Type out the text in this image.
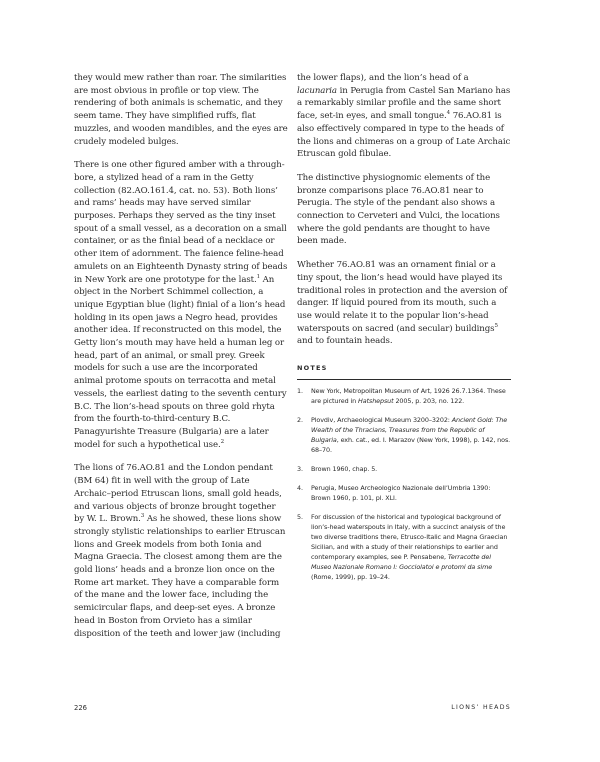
they would mew rather than roar. The similarities are most obvious in profile or top view. The rendering of both animals is schematic, and they seem tame. They have simplified ruffs, flat muzzles, and wooden mandibles, and the eyes are crudely modeled bulges.

There is one other figured amber with a through-bore, a stylized head of a ram in the Getty collection (82.AO.161.4, cat. no. 53). Both lions’ and rams’ heads may have served similar purposes. Perhaps they served as the tiny inset spout of a small vessel, as a decoration on a small container, or as the finial bead of a necklace or other item of adornment. The faience feline-head amulets on an Eighteenth Dynasty string of beads in New York are one prototype for the last.$^1$ An object in the Norbert Schimmel collection, a unique Egyptian blue (light) finial of a lion’s head holding in its open jaws a Negro head, provides another idea. If reconstructed on this model, the Getty lion’s mouth may have held a human leg or head, part of an animal, or small prey. Greek models for such a use are the incorporated animal protome spouts on terracotta and metal vessels, the earliest dating to the seventh century B.C. The lion’s-head spouts on three gold rhyta from the fourth-to-third-century B.C. Panagyurishte Treasure (Bulgaria) are a later model for such a hypothetical use.$^2$

The lions of 76.AO.81 and the London pendant (BM 64) fit in well with the group of Late Archaic–period Etruscan lions, small gold heads, and various objects of bronze brought together by W. L. Brown.$^3$ As he showed, these lions show strongly stylistic relationships to earlier Etruscan lions and Greek models from both Ionia and Magna Graecia. The closest among them are the gold lions’ heads and a bronze lion once on the Rome art market. They have a comparable form of the mane and the lower face, including the semicircular flaps, and deep-set eyes. A bronze head in Boston from Orvieto has a similar disposition of the teeth and lower jaw (including

the lower flaps), and the lion’s head of a lacunaria in Perugia from Castel San Mariano has a remarkably similar profile and the same short face, set-in eyes, and small tongue.$^4$ 76.AO.81 is also effectively compared in type to the heads of the lions and chimeras on a group of Late Archaic Etruscan gold fibulae.

The distinctive physiognomic elements of the bronze comparisons place 76.AO.81 near to Perugia. The style of the pendant also shows a connection to Cerveteri and Vulci, the locations where the gold pendants are thought to have been made.

Whether 76.AO.81 was an ornament finial or a tiny spout, the lion’s head would have played its traditional roles in protection and the aversion of danger. If liquid poured from its mouth, such a use would relate it to the popular lion’s-head waterspouts on sacred (and secular) buildings$^5$ and to fountain heads.

NOTES
1. New York, Metropolitan Museum of Art, 1926 26.7.1364. These are pictured in Hatshepsut 2005, p. 203, no. 122.
2. Plovdiv, Archaeological Museum 3200–3202: Ancient Gold: The Wealth of the Thracians, Treasures from the Republic of Bulgaria, exh. cat., ed. I. Marazov (New York, 1998), p. 142, nos. 68–70.
3. Brown 1960, chap. 5.
4. Perugia, Museo Archeologico Nazionale dell’Umbria 1390: Brown 1960, p. 101, pl. XLI.
5. For discussion of the historical and typological background of lion’s-head waterspouts in Italy, with a succinct analysis of the two diverse traditions there, Etrusco-Italic and Magna Graecian Sicilian, and with a study of their relationships to earlier and contemporary examples, see P. Pensabene, Terracotte del Museo Nazionale Romano I: Gocciolatoi e protomi da sime (Rome, 1999), pp. 19–24.
226	LIONS’ HEADS
